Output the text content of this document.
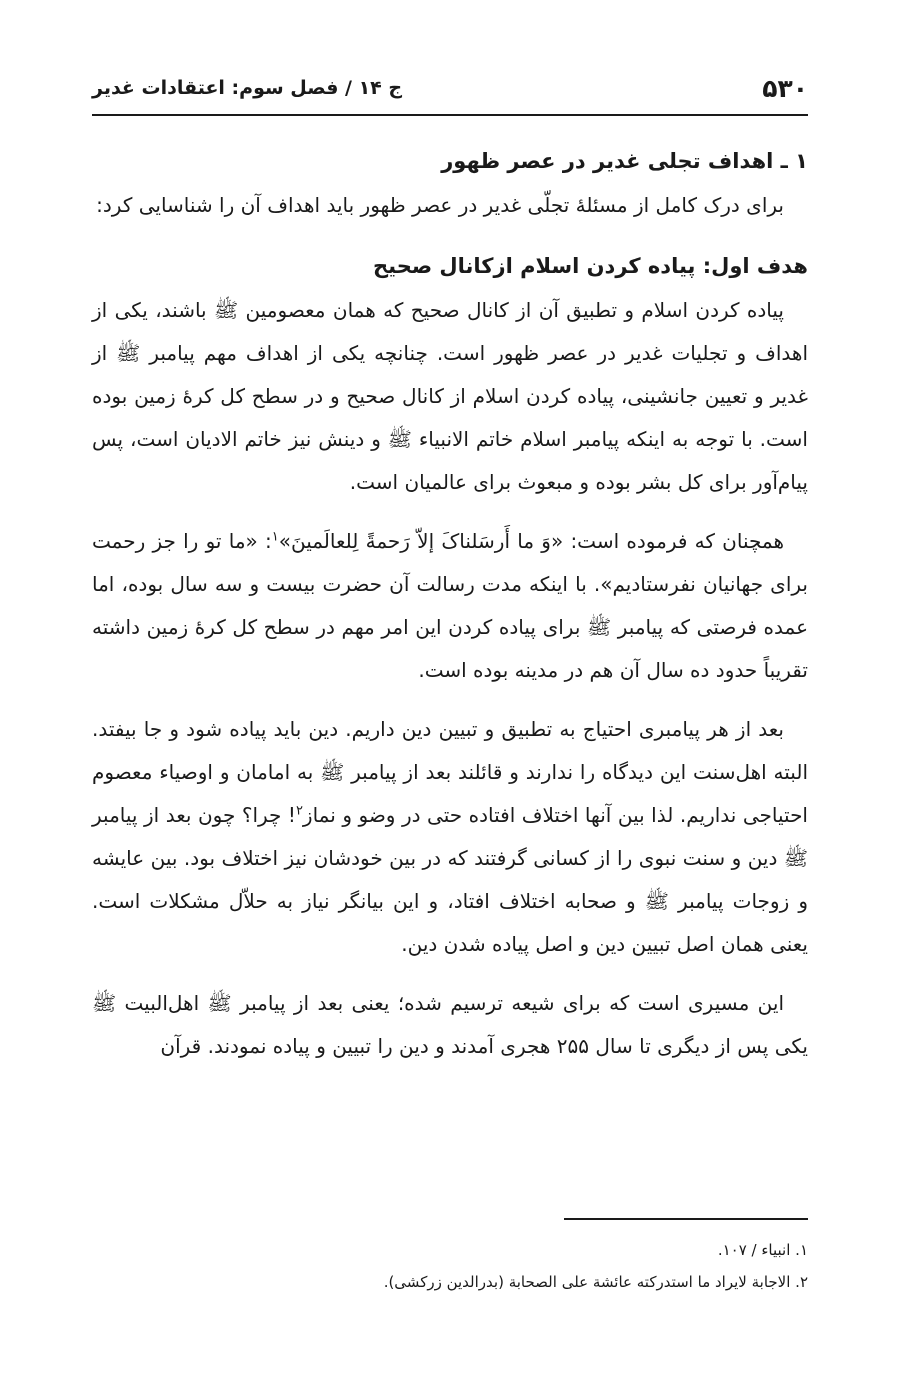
۵۳۰
ج ۱۴ / فصل سوم: اعتقادات غدیر
۱ ـ اهداف تجلی غدیر در عصر ظهور

برای درک کامل از مسئلهٔ تجلّی غدیر در عصر ظهور باید اهداف آن را شناسایی کرد:

هدف اول: پیاده کردن اسلام ازکانال صحیح

پیاده کردن اسلام و تطبیق آن از کانال صحیح که همان معصومین ﷺ باشند، یکی از اهداف و تجلیات غدیر در عصر ظهور است. چنانچه یکی از اهداف مهم پیامبر ﷺ از غدیر و تعیین جانشینی، پیاده کردن اسلام از کانال صحیح و در سطح کل کرهٔ زمین بوده است. با توجه به اینکه پیامبر اسلام خاتم الانبیاء ﷺ و دینش نیز خاتم الادیان است، پس پیام‌آور برای کل بشر بوده و مبعوث برای عالمیان است.

همچنان که فرموده است: «وَ ما أَرسَلناکَ إلاّ رَحمةً لِلعالَمینَ»$^۱$: «ما تو را جز رحمت برای جهانیان نفرستادیم». با اینکه مدت رسالت آن حضرت بیست و سه سال بوده، اما عمده فرصتی که پیامبر ﷺ برای پیاده کردن این امر مهم در سطح کل کرهٔ زمین داشته تقریباً حدود ده سال آن هم در مدینه بوده است.

بعد از هر پیامبری احتیاج به تطبیق و تبیین دین داریم. دین باید پیاده شود و جا بیفتد. البته اهل‌سنت این دیدگاه را ندارند و قائلند بعد از پیامبر ﷺ به امامان و اوصیاء معصوم احتیاجی نداریم. لذا بین آنها اختلاف افتاده حتی در وضو و نماز$^۲$! چرا؟ چون بعد از پیامبر ﷺ دین و سنت نبوی را از کسانی گرفتند که در بین خودشان نیز اختلاف بود. بین عایشه و زوجات پیامبر ﷺ و صحابه اختلاف افتاد، و این بیانگر نیاز به حلاّل مشکلات است. یعنی همان اصل تبیین دین و اصل پیاده شدن دین.

این مسیری است که برای شیعه ترسیم شده؛ یعنی بعد از پیامبر ﷺ اهل‌البیت ﷺ یکی پس از دیگری تا سال ۲۵۵ هجری آمدند و دین را تبیین و پیاده نمودند. قرآن

۱. انبیاء / ۱۰۷.

۲. الاجابة لایراد ما استدرکته عائشة علی الصحابة (بدرالدین زرکشی).
